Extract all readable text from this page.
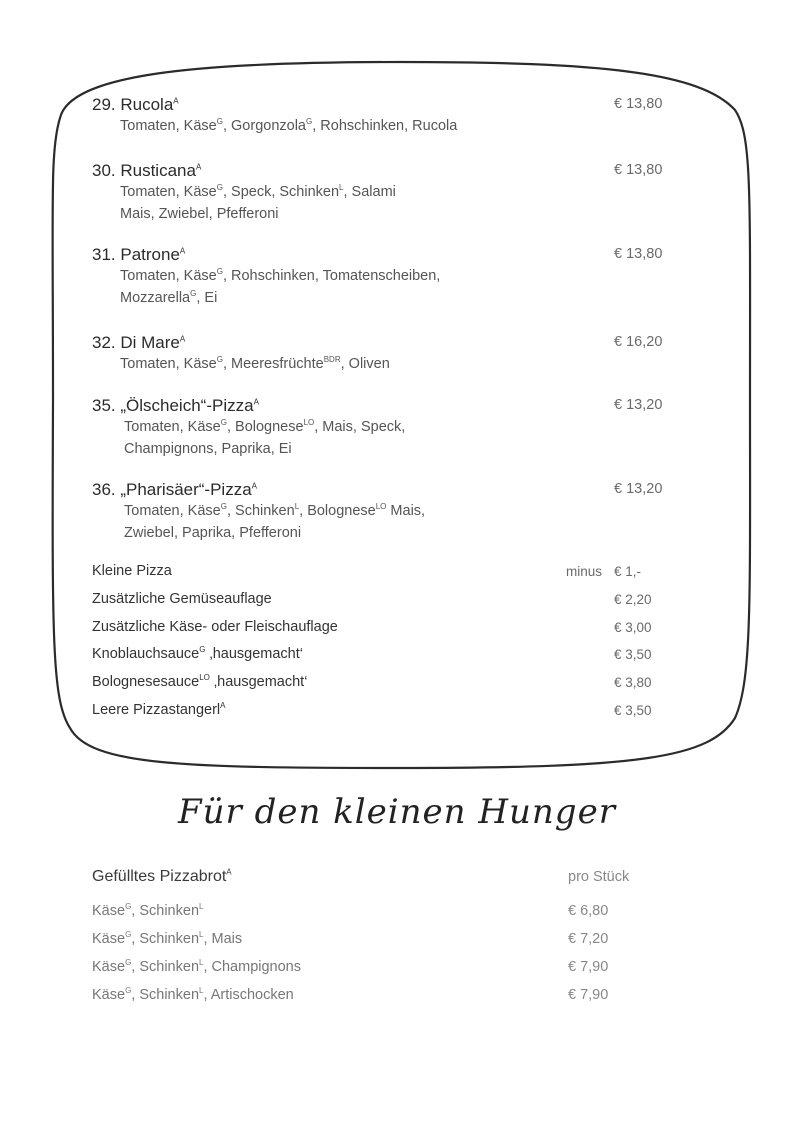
29. Rucola$^A$	€ 13,80
Tomaten, Käse$^G$, Gorgonzola$^G$, Rohschinken, Rucola
30. Rusticana$^A$	€ 13,80
Tomaten, Käse$^G$, Speck, Schinken$^L$, Salami
Mais, Zwiebel, Pfefferoni
31. Patrone$^A$	€ 13,80
Tomaten, Käse$^G$, Rohschinken, Tomatenscheiben,
Mozzarella$^G$, Ei
32. Di Mare$^A$	€ 16,20
Tomaten, Käse$^G$, Meeresfrüchte$^{BDR}$, Oliven
35. „Ölscheich“-Pizza$^A$	€ 13,20
Tomaten, Käse$^G$, Bolognese$^{LO}$, Mais, Speck,
Champignons, Paprika, Ei
36. „Pharisäer“-Pizza$^A$	€ 13,20
Tomaten, Käse$^G$, Schinken$^L$, Bolognese$^{LO}$ Mais,
Zwiebel, Paprika, Pfefferoni
Kleine Pizza	minus € 1,-
Zusätzliche Gemüseauflage	€ 2,20
Zusätzliche Käse- oder Fleischauflage	€ 3,00
Knoblauchsauce$^G$ ‚hausgemacht‘	€ 3,50
Bolognesesauce$^{LO}$ ‚hausgemacht‘	€ 3,80
Leere Pizzastangerl$^A$	€ 3,50
Für den kleinen Hunger
Gefülltes Pizzabrot$^A$	pro Stück
Käse$^G$, Schinken$^L$	€ 6,80
Käse$^G$, Schinken$^L$, Mais	€ 7,20
Käse$^G$, Schinken$^L$, Champignons	€ 7,90
Käse$^G$, Schinken$^L$, Artischocken	€ 7,90
